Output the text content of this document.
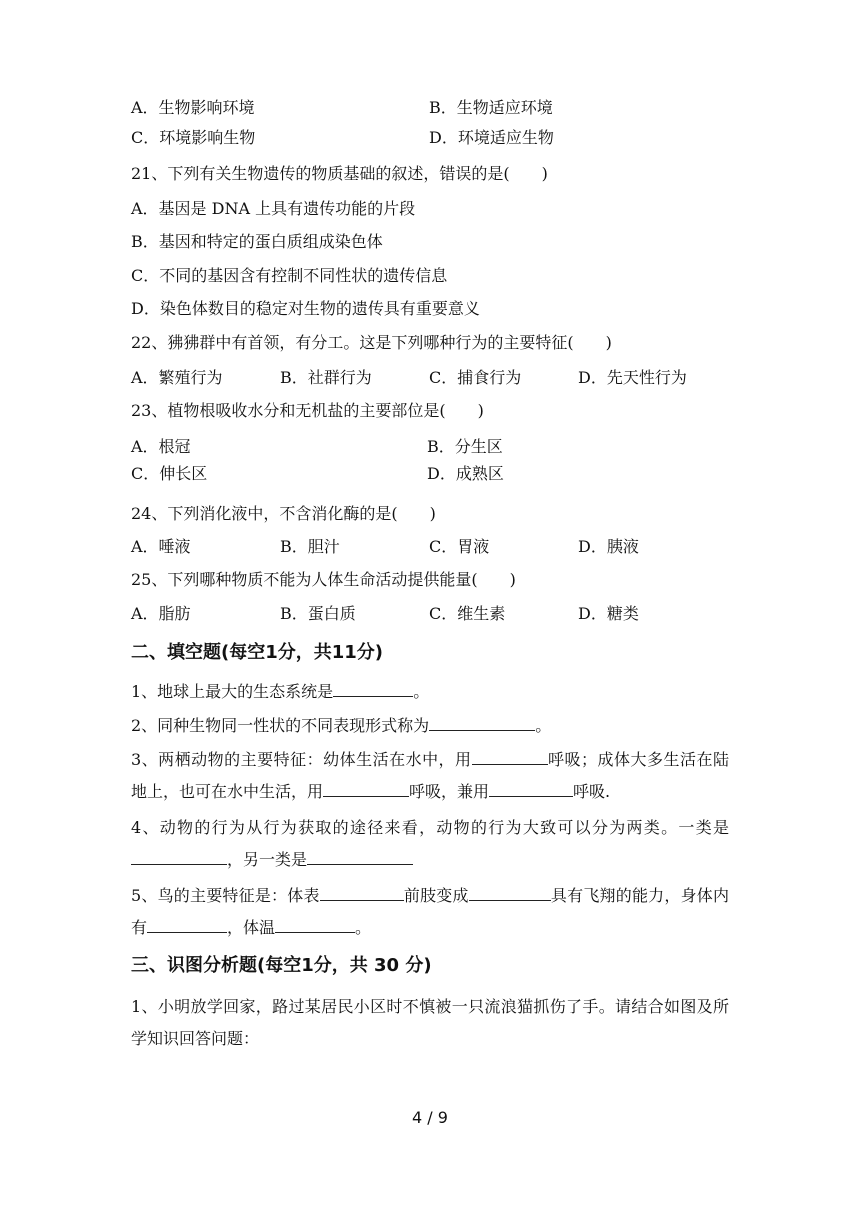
A．生物影响环境	B．生物适应环境
C．环境影响生物	D．环境适应生物
21、下列有关生物遗传的物质基础的叙述，错误的是(　　)
A．基因是 DNA 上具有遗传功能的片段
B．基因和特定的蛋白质组成染色体
C．不同的基因含有控制不同性状的遗传信息
D．染色体数目的稳定对生物的遗传具有重要意义
22、狒狒群中有首领，有分工。这是下列哪种行为的主要特征(　　)
A．繁殖行为	B．社群行为	C．捕食行为	D．先天性行为
23、植物根吸收水分和无机盐的主要部位是(　　)
A．根冠	B．分生区
C．伸长区	D．成熟区
24、下列消化液中，不含消化酶的是(　　)
A．唾液	B．胆汁	C．胃液	D．胰液
25、下列哪种物质不能为人体生命活动提供能量(　　)
A．脂肪	B．蛋白质	C．维生素	D．糖类
二、填空题(每空1分，共11分)
1、地球上最大的生态系统是	。
2、同种生物同一性状的不同表现形式称为	。
3、两栖动物的主要特征：幼体生活在水中，用	呼吸；成体大多生活在陆地上，也可在水中生活，用	呼吸，兼用	呼吸.
4、动物的行为从行为获取的途径来看，动物的行为大致可以分为两类。一类是，另一类是
5、鸟的主要特征是：体表	前肢变成	具有飞翔的能力，身体内有	，体温	。
三、识图分析题(每空1分，共 30 分)
1、小明放学回家，路过某居民小区时不慎被一只流浪猫抓伤了手。请结合如图及所学知识回答问题：
4 / 9
